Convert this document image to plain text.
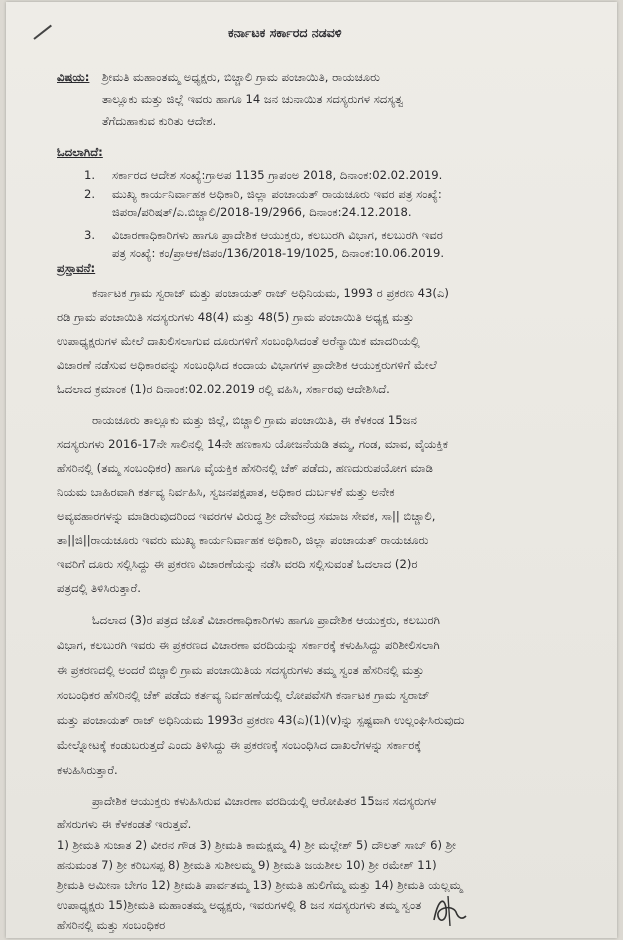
ಕರ್ನಾಟಕ ಸರ್ಕಾರದ ನಡವಳಿ

ವಿಷಯ: ಶ್ರೀಮತಿ ಮಹಾಂತಮ್ಮ ಅಧ್ಯಕ್ಷರು, ಬಿಚ್ಚಾಲಿ ಗ್ರಾಮ ಪಂಚಾಯಿತಿ, ರಾಯಚೂರು

ತಾಲ್ಲೂಕು ಮತ್ತು ಜಿಲ್ಲೆ ಇವರು ಹಾಗೂ 14 ಜನ ಚುನಾಯಿತ ಸದಸ್ಯರುಗಳ ಸದಸ್ಯತ್ವ

ತೆಗೆದುಹಾಕುವ ಕುರಿತು ಆದೇಶ.

ಓದಲಾಗಿದೆ:

1. ಸರ್ಕಾರದ ಆದೇಶ ಸಂಖ್ಯೆ:ಗ್ರಾಅಪ 1135 ಗ್ರಾಪಂಅ 2018, ದಿನಾಂಕ:02.02.2019.

2. ಮುಖ್ಯ ಕಾರ್ಯನಿರ್ವಾಹಕ ಅಧಿಕಾರಿ, ಜಿಲ್ಲಾ ಪಂಚಾಯತ್ ರಾಯಚೂರು ಇವರ ಪತ್ರ ಸಂಖ್ಯೆ:

ಜಿಪರಾ/ಪರಿಷತ್/ಎ.ಬಿಚ್ಚಾಲಿ/2018-19/2966, ದಿನಾಂಕ:24.12.2018.

3. ವಿಚಾರಣಾಧಿಕಾರಿಗಳು ಹಾಗೂ ಪ್ರಾದೇಶಿಕ ಆಯುಕ್ತರು, ಕಲಬುರಗಿ ವಿಭಾಗ, ಕಲಬುರಗಿ ಇವರ

ಪತ್ರ ಸಂಖ್ಯೆ: ಕಂ/ಪ್ರಾಆಕ/ಜಿಪಂ/136/2018-19/1025, ದಿನಾಂಕ:10.06.2019.

ಪ್ರಸ್ತಾವನೆ:

ಕರ್ನಾಟಕ ಗ್ರಾಮ ಸ್ವರಾಜ್ ಮತ್ತು ಪಂಚಾಯತ್ ರಾಜ್ ಅಧಿನಿಯಮ, 1993 ರ ಪ್ರಕರಣ 43(ಎ)

ರಡಿ ಗ್ರಾಮ ಪಂಚಾಯಿತಿ ಸದಸ್ಯರುಗಳು 48(4) ಮತ್ತು 48(5) ಗ್ರಾಮ ಪಂಚಾಯಿತಿ ಅಧ್ಯಕ್ಷ ಮತ್ತು

ಉಪಾಧ್ಯಕ್ಷರುಗಳ ಮೇಲೆ ದಾಖಲಿಸಲಾಗುವ ದೂರುಗಳಿಗೆ ಸಂಬಂಧಿಸಿದಂತೆ ಅರೆನ್ಯಾಯಿಕ ಮಾದರಿಯಲ್ಲಿ

ವಿಚಾರಣೆ ನಡೆಸುವ ಅಧಿಕಾರವನ್ನು ಸಂಬಂಧಿಸಿದ ಕಂದಾಯ ವಿಭಾಗಗಳ ಪ್ರಾದೇಶಿಕ ಆಯುಕ್ತರುಗಳಿಗೆ ಮೇಲೆ

ಓದಲಾದ ಕ್ರಮಾಂಕ (1)ರ ದಿನಾಂಕ:02.02.2019 ರಲ್ಲಿ ವಹಿಸಿ, ಸರ್ಕಾರವು ಆದೇಶಿಸಿದೆ.

ರಾಯಚೂರು ತಾಲ್ಲೂಕು ಮತ್ತು ಜಿಲ್ಲೆ, ಬಿಚ್ಚಾಲಿ ಗ್ರಾಮ ಪಂಚಾಯಿತಿ, ಈ ಕೆಳಕಂಡ 15ಜನ

ಸದಸ್ಯರುಗಳು 2016-17ನೇ ಸಾಲಿನಲ್ಲಿ 14ನೇ ಹಣಕಾಸು ಯೋಜನೆಯಡಿ ತಮ್ಮ, ಗಂಡ, ಮಾವ, ವೈಯಕ್ತಿಕ

ಹೆಸರಿನಲ್ಲಿ (ತಮ್ಮ ಸಂಬಂಧಿಕರ) ಹಾಗೂ ವೈಯಕ್ತಿಕ ಹೆಸರಿನಲ್ಲಿ ಚೆಕ್ ಪಡೆದು, ಹಣದುರುಪಯೋಗ ಮಾಡಿ

ನಿಯಮ ಬಾಹಿರವಾಗಿ ಕರ್ತವ್ಯ ನಿರ್ವಹಿಸಿ, ಸ್ವಜನಪಕ್ಷಪಾತ, ಅಧಿಕಾರ ದುರ್ಬಳಕೆ ಮತ್ತು ಅನೇಕ

ಅವ್ಯವಹಾರಗಳನ್ನು ಮಾಡಿರುವುದರಿಂದ ಇವರಗಳ ವಿರುದ್ಧ ಶ್ರೀ ದೇವೇಂದ್ರ ಸಮಾಜ ಸೇವಕ, ಸಾ|| ಬಿಚ್ಚಾಲಿ,

ತಾ||ಜಿ||ರಾಯಚೂರು ಇವರು ಮುಖ್ಯ ಕಾರ್ಯನಿರ್ವಾಹಕ ಅಧಿಕಾರಿ, ಜಿಲ್ಲಾ ಪಂಚಾಯತ್ ರಾಯಚೂರು

ಇವರಿಗೆ ದೂರು ಸಲ್ಲಿಸಿದ್ದು ಈ ಪ್ರಕರಣ ವಿಚಾರಣೆಯನ್ನು ನಡೆಸಿ ವರದಿ ಸಲ್ಲಿಸುವಂತೆ ಓದಲಾದ (2)ರ

ಪತ್ರದಲ್ಲಿ ತಿಳಿಸಿರುತ್ತಾರೆ.

ಓದಲಾದ (3)ರ ಪತ್ರದ ಜೊತೆ ವಿಚಾರಣಾಧಿಕಾರಿಗಳು ಹಾಗೂ ಪ್ರಾದೇಶಿಕ ಆಯುಕ್ತರು, ಕಲಬುರಗಿ

ವಿಭಾಗ, ಕಲಬುರಗಿ ಇವರು ಈ ಪ್ರಕರಣದ ವಿಚಾರಣಾ ವರದಿಯನ್ನು ಸರ್ಕಾರಕ್ಕೆ ಕಳುಹಿಸಿದ್ದು ಪರಿಶೀಲಿಸಲಾಗಿ

ಈ ಪ್ರಕರಣದಲ್ಲಿ ಅಂದರೆ ಬಿಚ್ಚಾಲಿ ಗ್ರಾಮ ಪಂಚಾಯಿತಿಯ ಸದಸ್ಯರುಗಳು ತಮ್ಮ ಸ್ವಂತ ಹೆಸರಿನಲ್ಲಿ ಮತ್ತು

ಸಂಬಂಧಿಕರ ಹೆಸರಿನಲ್ಲಿ ಚೆಕ್ ಪಡೆದು ಕರ್ತವ್ಯ ನಿರ್ವಹಣೆಯಲ್ಲಿ ಲೋಪವೆಸಗಿ ಕರ್ನಾಟಕ ಗ್ರಾಮ ಸ್ವರಾಜ್

ಮತ್ತು ಪಂಚಾಯತ್ ರಾಜ್ ಅಧಿನಿಯಮ 1993ರ ಪ್ರಕರಣ 43(ಎ)(1)(v)ನ್ನು ಸ್ಪಷ್ಟವಾಗಿ ಉಲ್ಲಂಘಿಸಿರುವುದು

ಮೇಲ್ನೋಟಕ್ಕೆ ಕಂಡುಬರುತ್ತದೆ ಎಂದು ತಿಳಿಸಿದ್ದು ಈ ಪ್ರಕರಣಕ್ಕೆ ಸಂಬಂಧಿಸಿದ ದಾಖಲೆಗಳನ್ನು ಸರ್ಕಾರಕ್ಕೆ

ಕಳುಹಿಸಿರುತ್ತಾರೆ.

ಪ್ರಾದೇಶಿಕ ಆಯುಕ್ತರು ಕಳುಹಿಸಿರುವ ವಿಚಾರಣಾ ವರದಿಯಲ್ಲಿ ಆರೋಪಿತರ 15ಜನ ಸದಸ್ಯರುಗಳ

ಹೆಸರುಗಳು ಈ ಕೆಳಕಂಡತೆ ಇರುತ್ತವೆ.

1) ಶ್ರೀಮತಿ ಸುಜಾತ 2) ವೀರನ ಗೌಡ 3) ಶ್ರೀಮತಿ ಕಾಮಕ್ಷಮ್ಮ 4) ಶ್ರೀ ಮಲ್ಲೇಶ್ 5) ದೌಲತ್ ಸಾಬ್ 6) ಶ್ರೀ

ಹನುಮಂತ 7) ಶ್ರೀ ಕರಿಬಸಪ್ಪ 8) ಶ್ರೀಮತಿ ಸುಶೀಲಮ್ಮ 9) ಶ್ರೀಮತಿ ಜಯಶೀಲ 10) ಶ್ರೀ ರಮೇಶ್ 11)

ಶ್ರೀಮತಿ ಅಮೀನಾ ಬೇಗಂ 12) ಶ್ರೀಮತಿ ಪಾರ್ವತಮ್ಮ 13) ಶ್ರೀಮತಿ ಹುಲಿಗೆಮ್ಮ ಮತ್ತು 14) ಶ್ರೀಮತಿ ಯಲ್ಲಮ್ಮ

ಉಪಾಧ್ಯಕ್ಷರು 15)ಶ್ರೀಮತಿ ಮಹಾಂತಮ್ಮ ಅಧ್ಯಕ್ಷರು, ಇವರುಗಳಲ್ಲಿ 8 ಜನ ಸದಸ್ಯರುಗಳು ತಮ್ಮ ಸ್ವಂತ

ಹೆಸರಿನಲ್ಲಿ ಮತ್ತು ಸಂಬಂಧಿಕರ
